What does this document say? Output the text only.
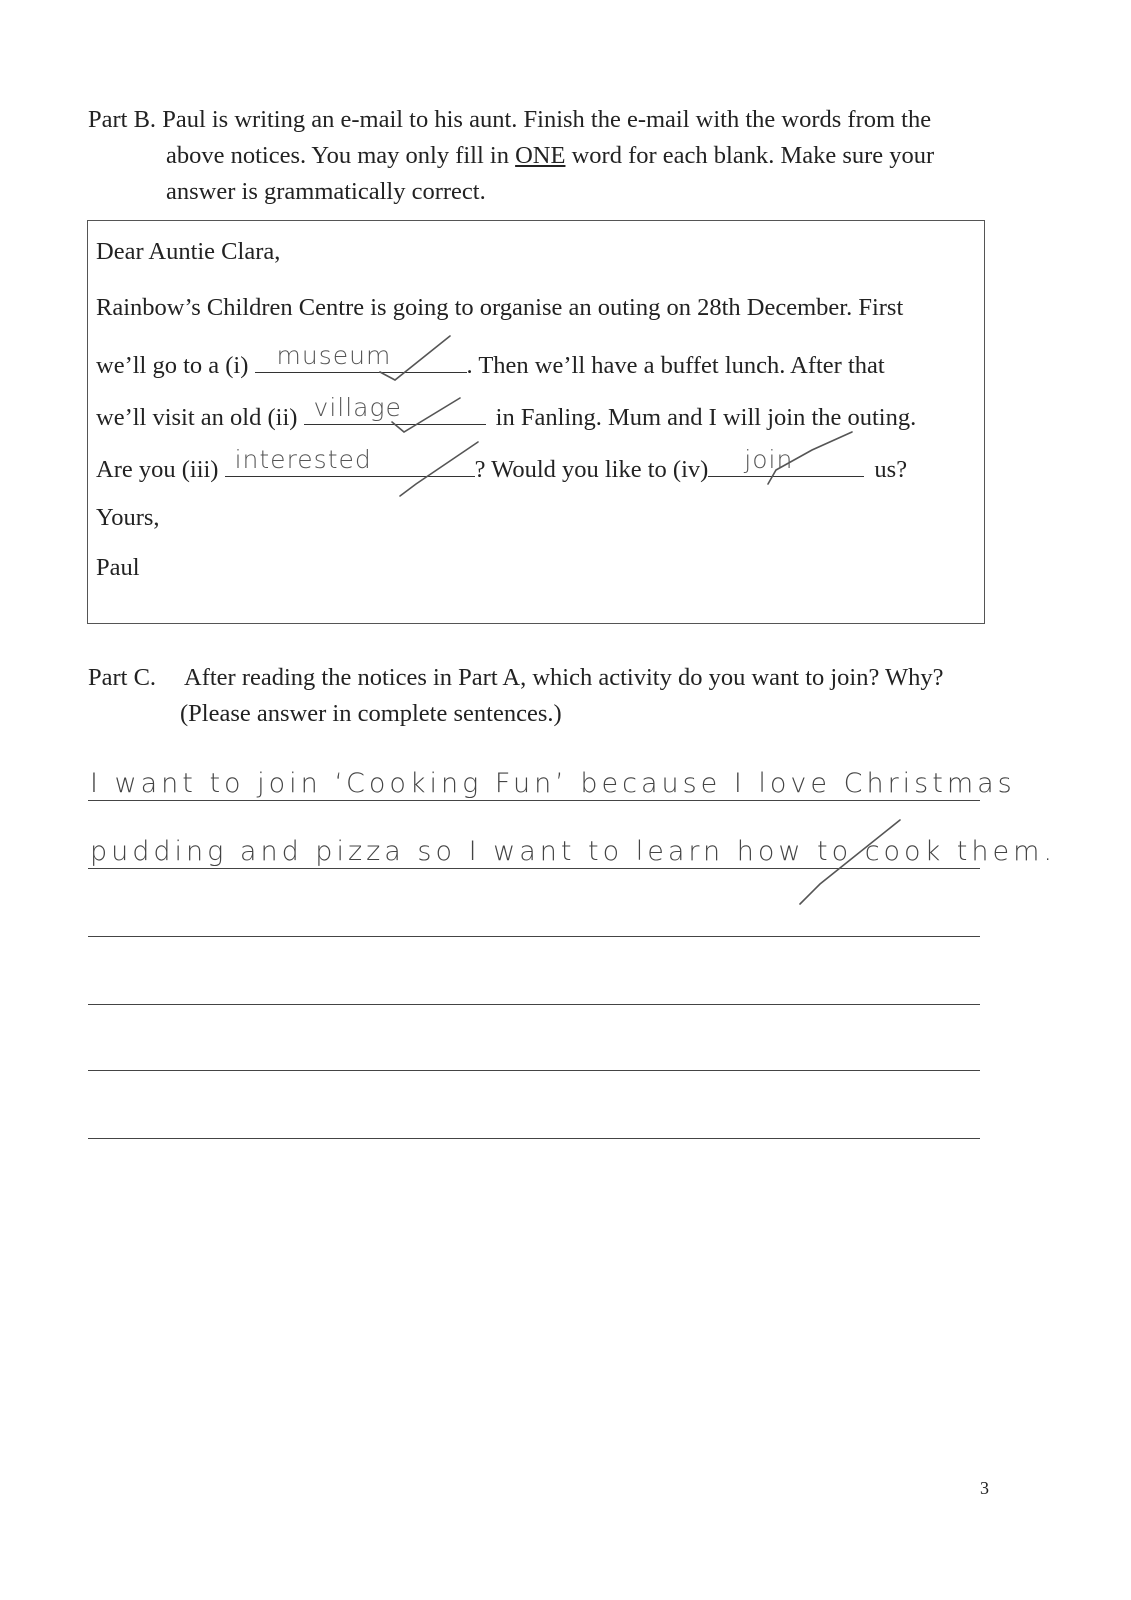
Part B. Paul is writing an e-mail to his aunt. Finish the e-mail with the words from the
above notices. You may only fill in ONE word for each blank. Make sure your
answer is grammatically correct.
Dear Auntie Clara,
Rainbow’s Children Centre is going to organise an outing on 28th December. First
we’ll go to a (i) museum	. Then we’ll have a buffet lunch. After that
we’ll visit an old (ii) village	in Fanling. Mum and I will join the outing.
Are you (iii) interested	? Would you like to (iv) join	us?
Yours,
Paul
Part C. After reading the notices in Part A, which activity do you want to join? Why?
(Please answer in complete sentences.)
I want to join ‘Cooking Fun’ because I love Christmas
pudding and pizza so I want to learn how to cook them.
3
